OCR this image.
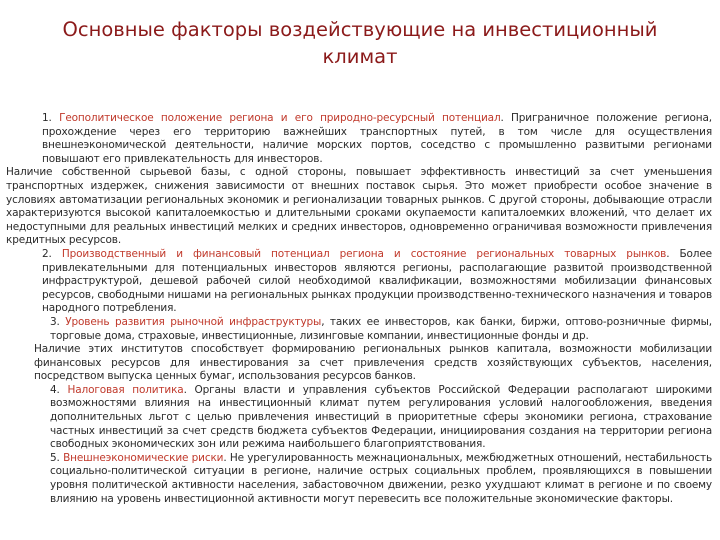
Основные факторы воздействующие на инвестиционный климат

1. Геополитическое положение региона и его природно-ресурсный потенциал. Приграничное положение региона, прохождение через его территорию важнейших транспортных путей, в том числе для осуществления внешнеэкономической деятельности, наличие морских портов, соседство с промышленно развитыми регионами повышают его привлекательность для инвесторов.

Наличие собственной сырьевой базы, с одной стороны, повышает эффективность инвестиций за счет уменьшения транспортных издержек, снижения зависимости от внешних поставок сырья. Это может приобрести особое значение в условиях автоматизации региональных экономик и регионализации товарных рынков. С другой стороны, добывающие отрасли характеризуются высокой капиталоемкостью и длительными сроками окупаемости капиталоемких вложений, что делает их недоступными для реальных инвестиций мелких и средних инвесторов, одновременно ограничивая возможности привлечения кредитных ресурсов.

2. Производственный и финансовый потенциал региона и состояние региональных товарных рынков. Более привлекательными для потенциальных инвесторов являются регионы, располагающие развитой производственной инфраструктурой, дешевой рабочей силой необходимой квалификации, возможностями мобилизации финансовых ресурсов, свободными нишами на региональных рынках продукции производственно-технического назначения и товаров народного потребления.

3. Уровень развития рыночной инфраструктуры, таких ее инвесторов, как банки, биржи, оптово-розничные фирмы, торговые дома, страховые, инвестиционные, лизинговые компании, инвестиционные фонды и др.

Наличие этих институтов способствует формированию региональных рынков капитала, возможности мобилизации финансовых ресурсов для инвестирования за счет привлечения средств хозяйствующих субъектов, населения, посредством выпуска ценных бумаг, использования ресурсов банков.

4. Налоговая политика. Органы власти и управления субъектов Российской Федерации располагают широкими возможностями влияния на инвестиционный климат путем регулирования условий налогообложения, введения дополнительных льгот с целью привлечения инвестиций в приоритетные сферы экономики региона, страхование частных инвестиций за счет средств бюджета субъектов Федерации, инициирования создания на территории региона свободных экономических зон или режима наибольшего благоприятствования.

5. Внешнеэкономические риски. Не урегулированность межнациональных, межбюджетных отношений, нестабильность социально-политической ситуации в регионе, наличие острых социальных проблем, проявляющихся в повышении уровня политической активности населения, забастовочном движении, резко ухудшают климат в регионе и по своему влиянию на уровень инвестиционной активности могут перевесить все положительные экономические факторы.
